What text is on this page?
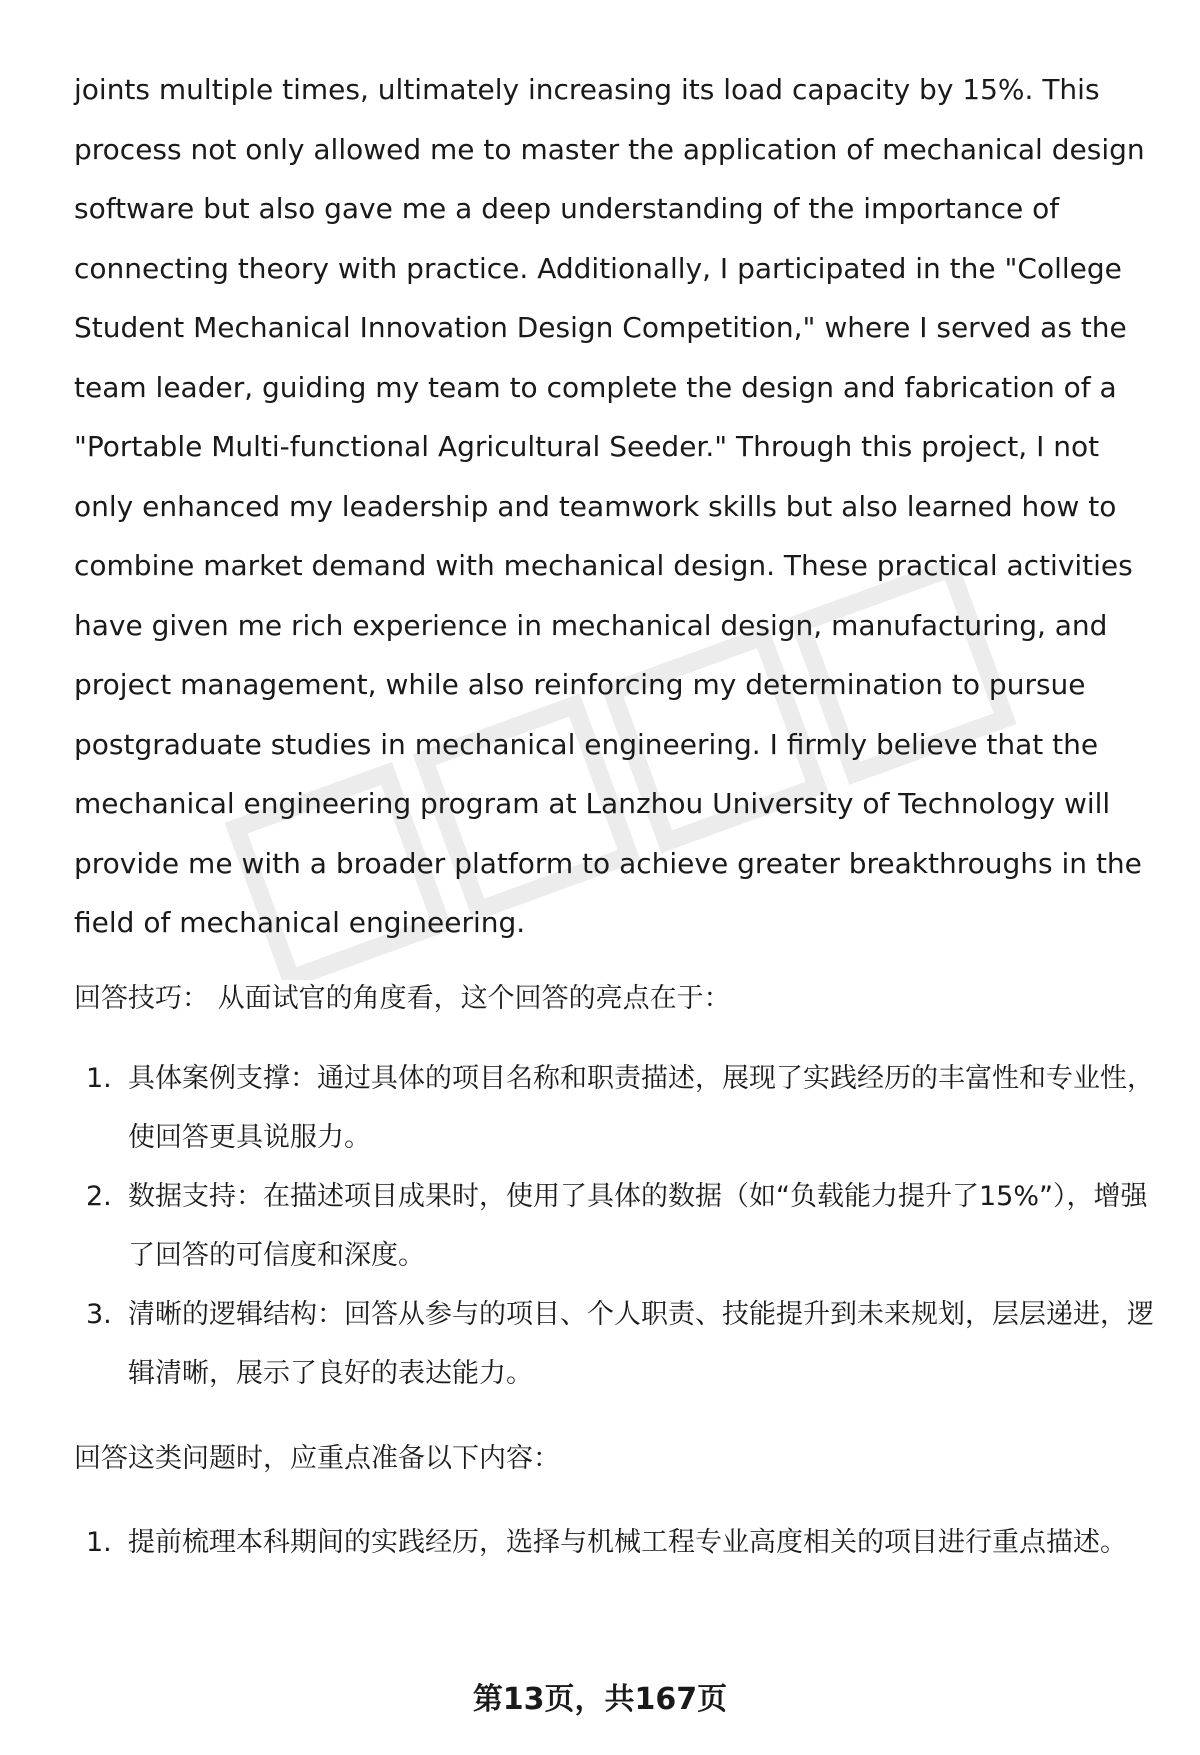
joints multiple times, ultimately increasing its load capacity by 15%. This process not only allowed me to master the application of mechanical design software but also gave me a deep understanding of the importance of connecting theory with practice. Additionally, I participated in the "College Student Mechanical Innovation Design Competition," where I served as the team leader, guiding my team to complete the design and fabrication of a "Portable Multi-functional Agricultural Seeder." Through this project, I not only enhanced my leadership and teamwork skills but also learned how to combine market demand with mechanical design. These practical activities have given me rich experience in mechanical design, manufacturing, and project management, while also reinforcing my determination to pursue postgraduate studies in mechanical engineering. I firmly believe that the mechanical engineering program at Lanzhou University of Technology will provide me with a broader platform to achieve greater breakthroughs in the field of mechanical engineering.

回答技巧： 从面试官的角度看，这个回答的亮点在于：

1. 具体案例支撑：通过具体的项目名称和职责描述，展现了实践经历的丰富性和专业性，使回答更具说服力。
2. 数据支持：在描述项目成果时，使用了具体的数据（如“负载能力提升了15%”），增强了回答的可信度和深度。
3. 清晰的逻辑结构：回答从参与的项目、个人职责、技能提升到未来规划，层层递进，逻辑清晰，展示了良好的表达能力。

回答这类问题时，应重点准备以下内容：

1. 提前梳理本科期间的实践经历，选择与机械工程专业高度相关的项目进行重点描述。
第13页，共167页
